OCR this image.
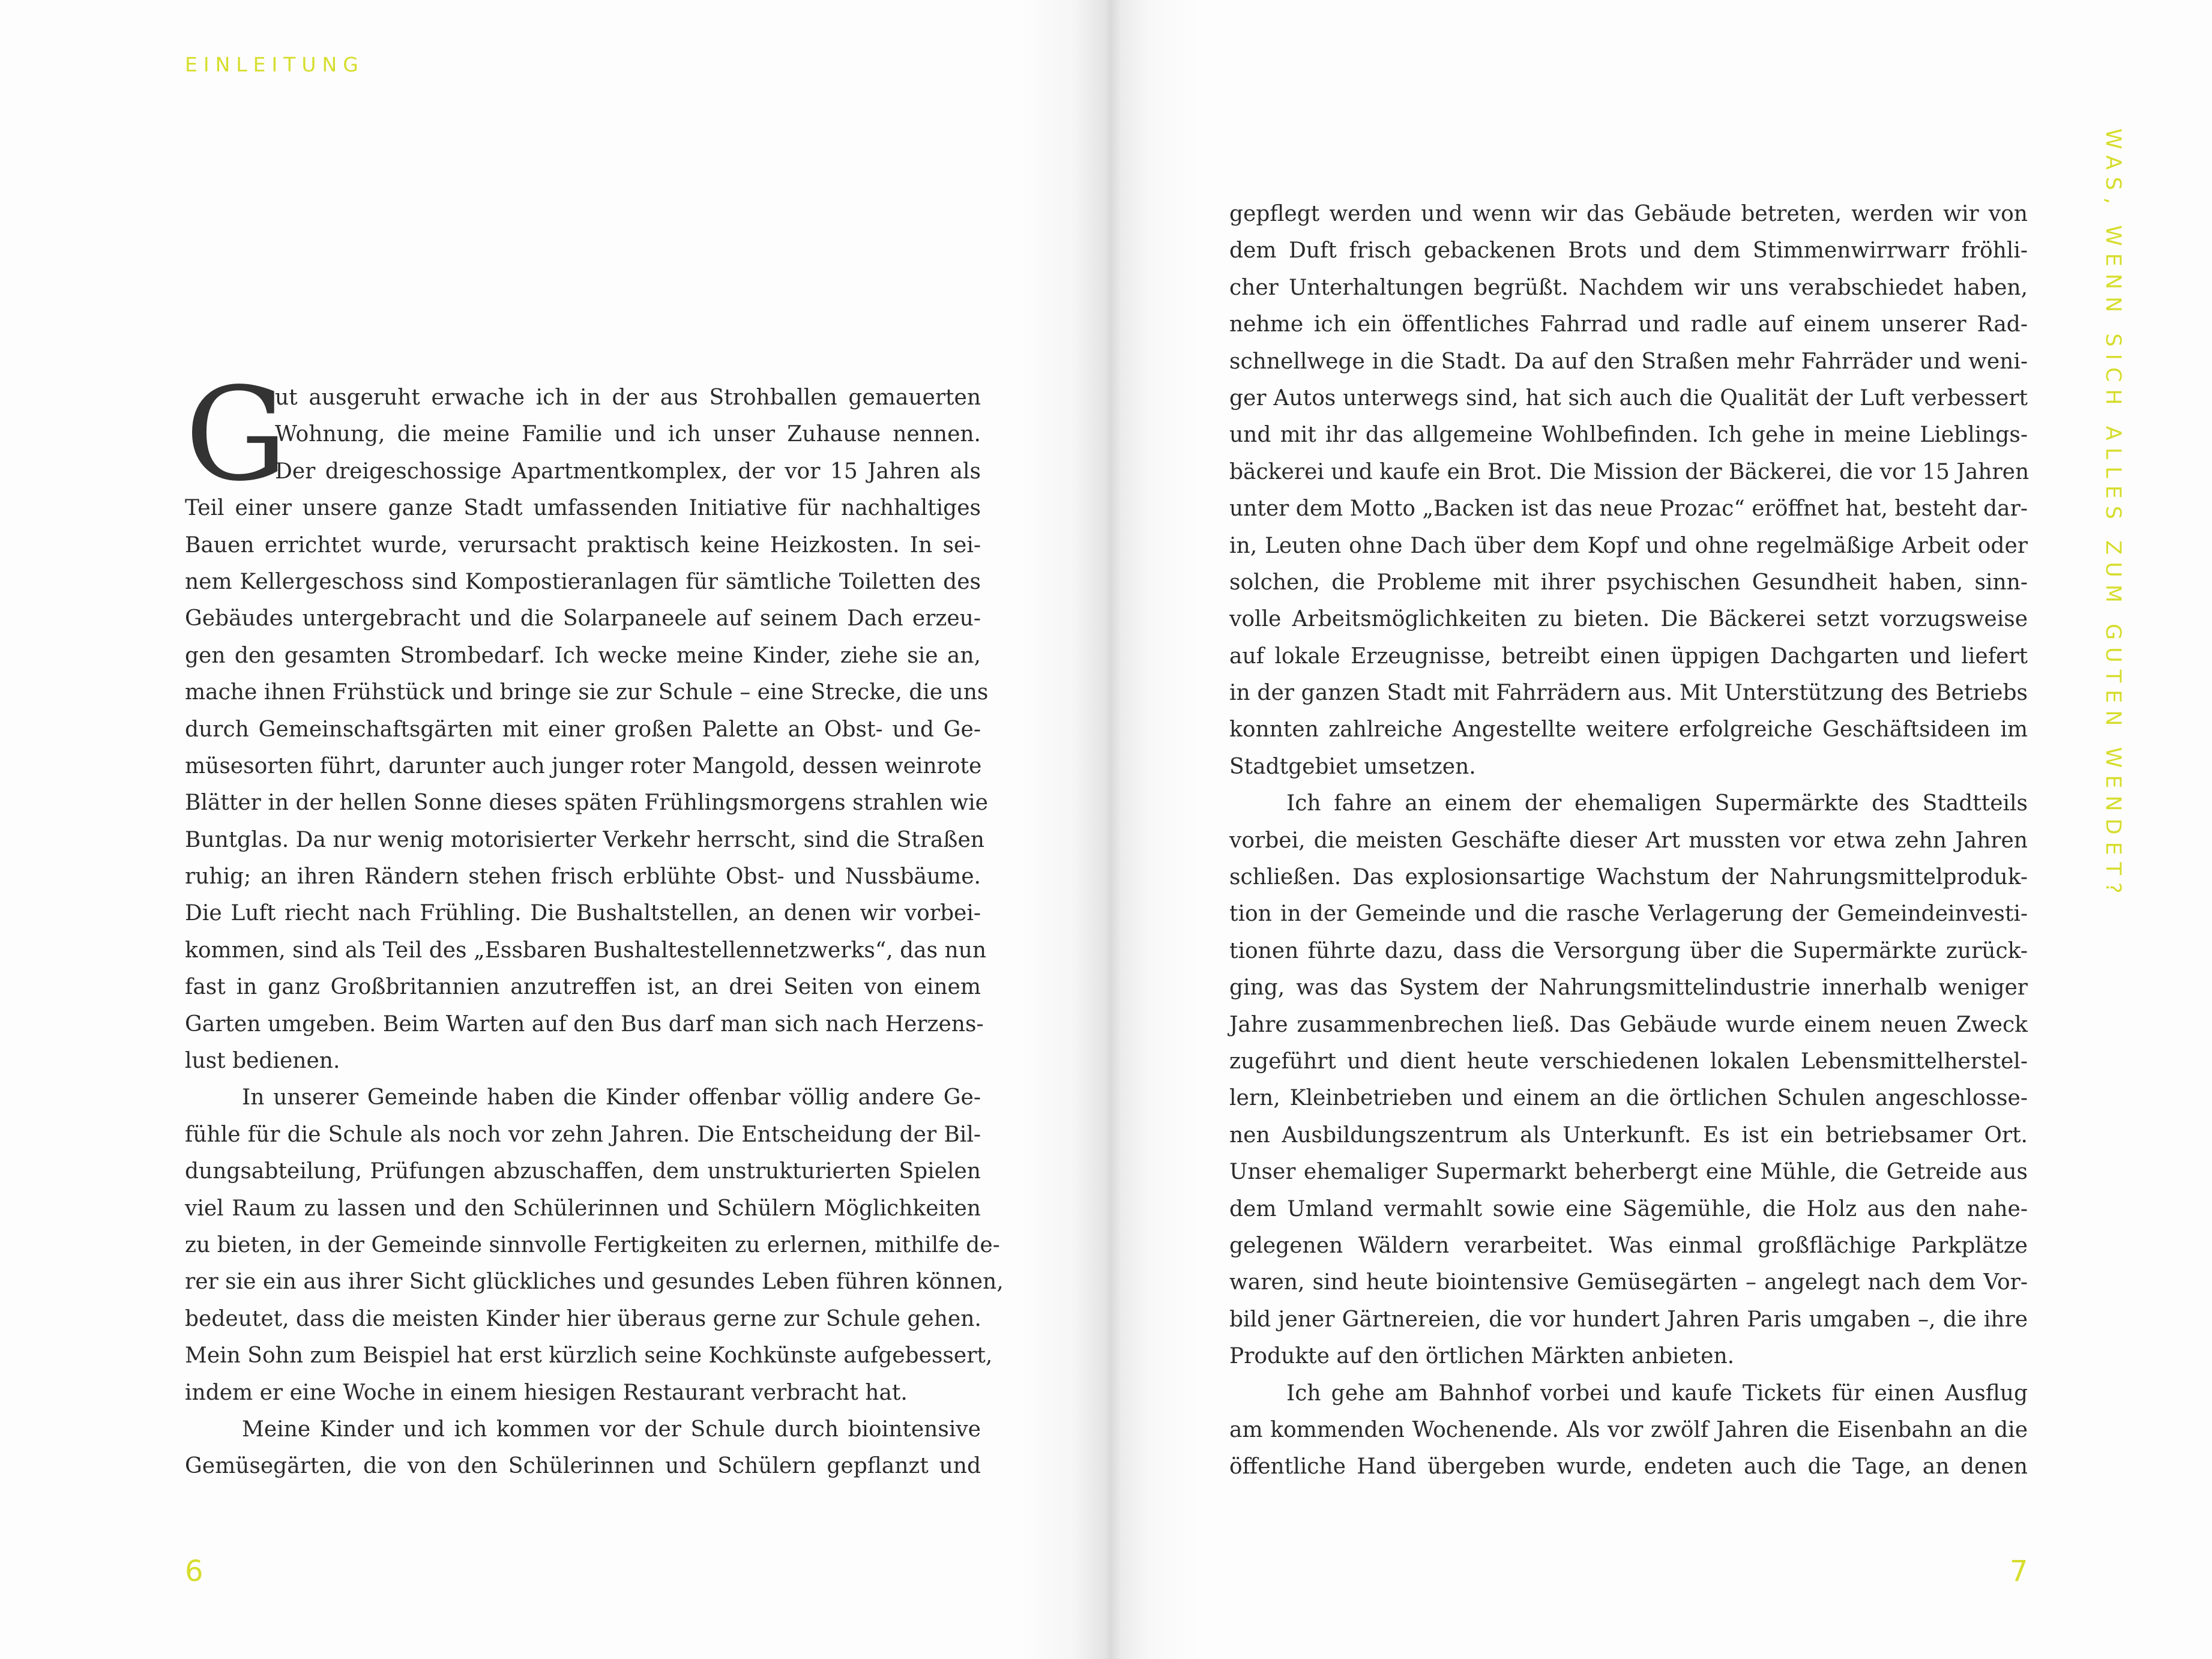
EINLEITUNG
WAS, WENN SICH ALLES ZUM GUTEN WENDET?
G
ut ausgeruht erwache ich in der aus Strohballen gemauerten
Wohnung, die meine Familie und ich unser Zuhause nennen.
Der dreigeschossige Apartmentkomplex, der vor 15 Jahren als
Teil einer unsere ganze Stadt umfassenden Initiative für nachhaltiges
Bauen errichtet wurde, verursacht praktisch keine Heizkosten. In sei-
nem Kellergeschoss sind Kompostieranlagen für sämtliche Toiletten des
Gebäudes untergebracht und die Solarpaneele auf seinem Dach erzeu-
gen den gesamten Strombedarf. Ich wecke meine Kinder, ziehe sie an,
mache ihnen Frühstück und bringe sie zur Schule – eine Strecke, die uns
durch Gemeinschaftsgärten mit einer großen Palette an Obst- und Ge-
müsesorten führt, darunter auch junger roter Mangold, dessen weinrote
Blätter in der hellen Sonne dieses späten Frühlingsmorgens strahlen wie
Buntglas. Da nur wenig motorisierter Verkehr herrscht, sind die Straßen
ruhig; an ihren Rändern stehen frisch erblühte Obst- und Nussbäume.
Die Luft riecht nach Frühling. Die Bushaltstellen, an denen wir vorbei-
kommen, sind als Teil des „Essbaren Bushaltestellennetzwerks“, das nun
fast in ganz Großbritannien anzutreffen ist, an drei Seiten von einem
Garten umgeben. Beim Warten auf den Bus darf man sich nach Herzens-
lust bedienen.
In unserer Gemeinde haben die Kinder offenbar völlig andere Ge-
fühle für die Schule als noch vor zehn Jahren. Die Entscheidung der Bil-
dungsabteilung, Prüfungen abzuschaffen, dem unstrukturierten Spielen
viel Raum zu lassen und den Schülerinnen und Schülern Möglichkeiten
zu bieten, in der Gemeinde sinnvolle Fertigkeiten zu erlernen, mithilfe de-
rer sie ein aus ihrer Sicht glückliches und gesundes Leben führen können,
bedeutet, dass die meisten Kinder hier überaus gerne zur Schule gehen.
Mein Sohn zum Beispiel hat erst kürzlich seine Kochkünste aufgebessert,
indem er eine Woche in einem hiesigen Restaurant verbracht hat.
Meine Kinder und ich kommen vor der Schule durch biointensive
Gemüsegärten, die von den Schülerinnen und Schülern gepflanzt und
gepflegt werden und wenn wir das Gebäude betreten, werden wir von
dem Duft frisch gebackenen Brots und dem Stimmenwirrwarr fröhli-
cher Unterhaltungen begrüßt. Nachdem wir uns verabschiedet haben,
nehme ich ein öffentliches Fahrrad und radle auf einem unserer Rad-
schnellwege in die Stadt. Da auf den Straßen mehr Fahrräder und weni-
ger Autos unterwegs sind, hat sich auch die Qualität der Luft verbessert
und mit ihr das allgemeine Wohlbefinden. Ich gehe in meine Lieblings-
bäckerei und kaufe ein Brot. Die Mission der Bäckerei, die vor 15 Jahren
unter dem Motto „Backen ist das neue Prozac“ eröffnet hat, besteht dar-
in, Leuten ohne Dach über dem Kopf und ohne regelmäßige Arbeit oder
solchen, die Probleme mit ihrer psychischen Gesundheit haben, sinn-
volle Arbeitsmöglichkeiten zu bieten. Die Bäckerei setzt vorzugsweise
auf lokale Erzeugnisse, betreibt einen üppigen Dachgarten und liefert
in der ganzen Stadt mit Fahrrädern aus. Mit Unterstützung des Betriebs
konnten zahlreiche Angestellte weitere erfolgreiche Geschäftsideen im
Stadtgebiet umsetzen.
Ich fahre an einem der ehemaligen Supermärkte des Stadtteils
vorbei, die meisten Geschäfte dieser Art mussten vor etwa zehn Jahren
schließen. Das explosionsartige Wachstum der Nahrungsmittelproduk-
tion in der Gemeinde und die rasche Verlagerung der Gemeindeinvesti-
tionen führte dazu, dass die Versorgung über die Supermärkte zurück-
ging, was das System der Nahrungsmittelindustrie innerhalb weniger
Jahre zusammenbrechen ließ. Das Gebäude wurde einem neuen Zweck
zugeführt und dient heute verschiedenen lokalen Lebensmittelherstel-
lern, Kleinbetrieben und einem an die örtlichen Schulen angeschlosse-
nen Ausbildungszentrum als Unterkunft. Es ist ein betriebsamer Ort.
Unser ehemaliger Supermarkt beherbergt eine Mühle, die Getreide aus
dem Umland vermahlt sowie eine Sägemühle, die Holz aus den nahe-
gelegenen Wäldern verarbeitet. Was einmal großflächige Parkplätze
waren, sind heute biointensive Gemüsegärten – angelegt nach dem Vor-
bild jener Gärtnereien, die vor hundert Jahren Paris umgaben –, die ihre
Produkte auf den örtlichen Märkten anbieten.
Ich gehe am Bahnhof vorbei und kaufe Tickets für einen Ausflug
am kommenden Wochenende. Als vor zwölf Jahren die Eisenbahn an die
öffentliche Hand übergeben wurde, endeten auch die Tage, an denen
6	7
